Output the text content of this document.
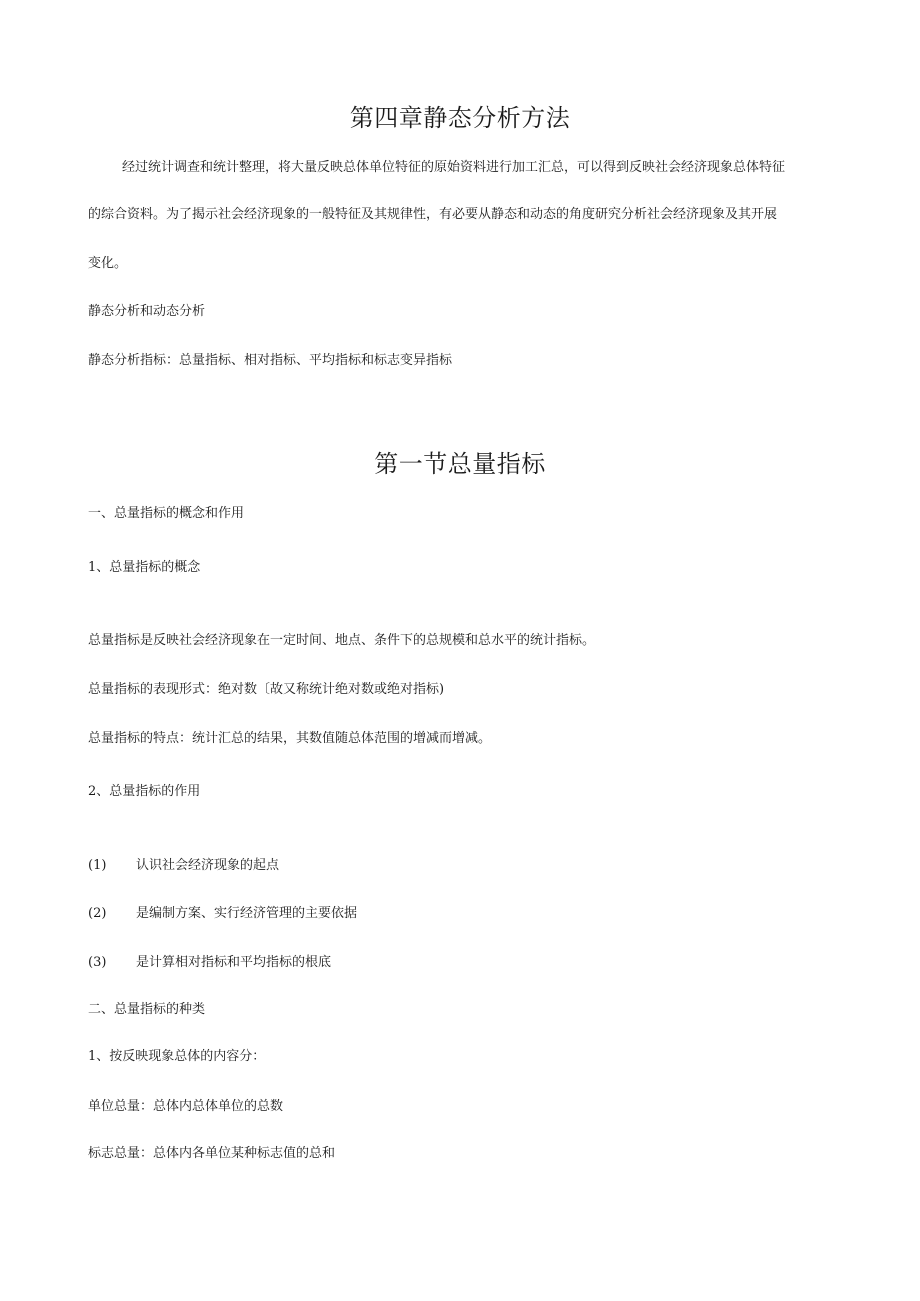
第四章静态分析方法
经过统计调查和统计整理，将大量反映总体单位特征的原始资料进行加工汇总，可以得到反映社会经济现象总体特征
的综合资料。为了揭示社会经济现象的一般特征及其规律性，有必要从静态和动态的角度研究分析社会经济现象及其开展
变化。
静态分析和动态分析
静态分析指标：总量指标、相对指标、平均指标和标志变异指标
第一节总量指标
一、总量指标的概念和作用
1、总量指标的概念
总量指标是反映社会经济现象在一定时间、地点、条件下的总规模和总水平的统计指标。
总量指标的表现形式：绝对数〔故又称统计绝对数或绝对指标)
总量指标的特点：统计汇总的结果，其数值随总体范围的增减而增减。
2、总量指标的作用
(1) 认识社会经济现象的起点
(2) 是编制方案、实行经济管理的主要依据
(3) 是计算相对指标和平均指标的根底
二、总量指标的种类
1、按反映现象总体的内容分：
单位总量：总体内总体单位的总数
标志总量：总体内各单位某种标志值的总和
